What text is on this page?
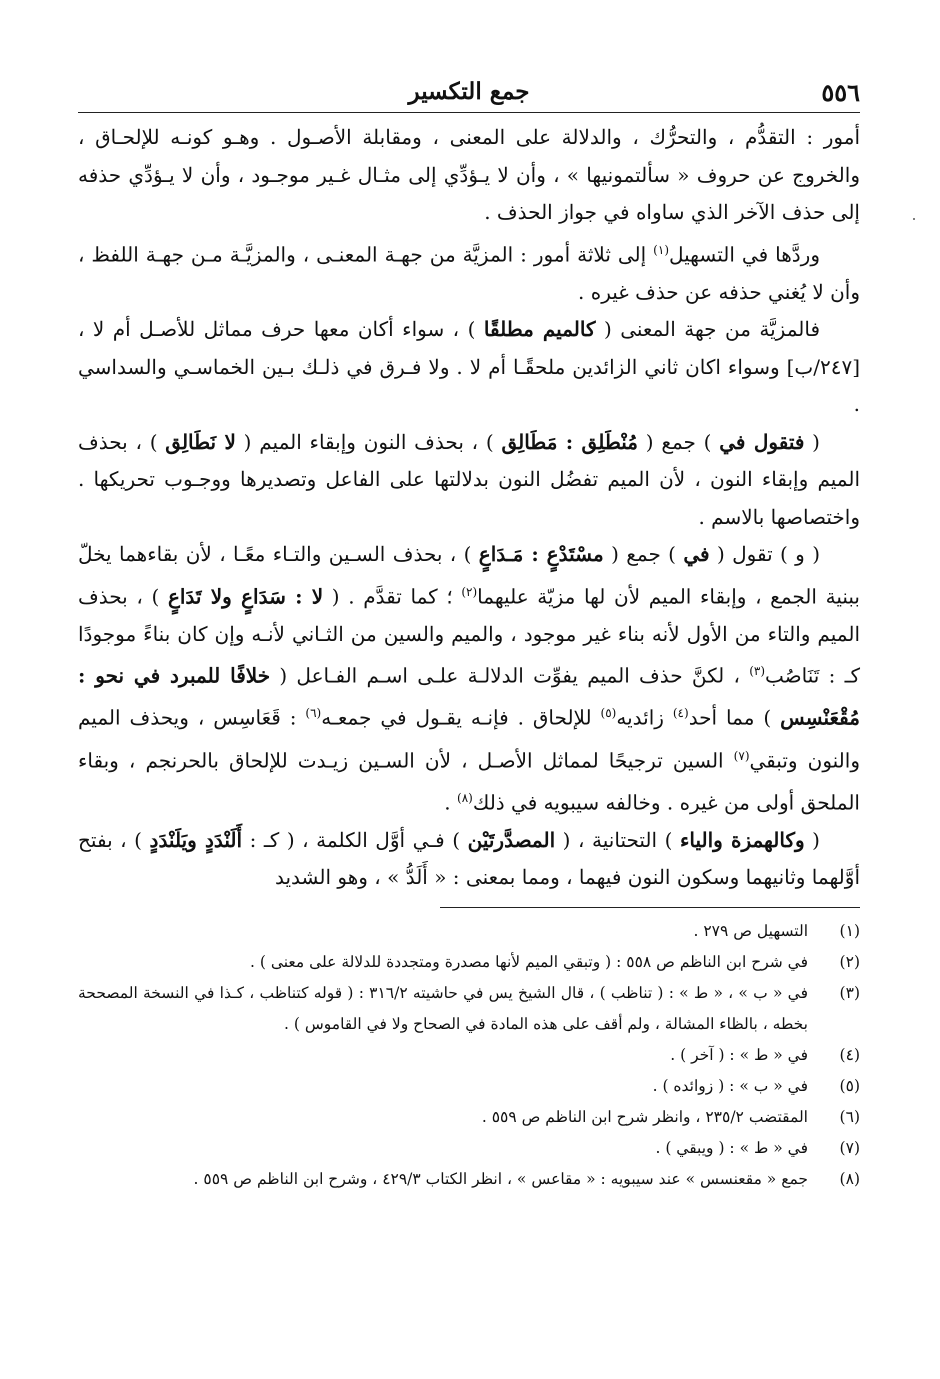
٥٥٦
جمع التكسير

أمور : التقدُّم ، والتحرُّك ، والدلالة على المعنى ، ومقابلة الأصـول . وهـو كونـه للإلحـاق ، والخروج عن حروف « سألتمونيها » ، وأن لا يـؤدِّي إلى مثـال غـير موجـود ، وأن لا يـؤدِّي حذفه إلى حذف الآخر الذي ساواه في جواز الحذف .

وردَّها في التسهيل$^{(١)}$ إلى ثلاثة أمور : المزيَّة من جهـة المعنـى ، والمزيَّـة مـن جهـة اللفظ ، وأن لا يُغني حذفه عن حذف غيره .

فالمزيَّة من جهة المعنى ( كالميم مطلقًا ) ، سواء أكان معها حرف مماثل للأصـل أم لا ، [٢٤٧/ب] وسواء اكان ثاني الزائدين ملحقًـا أم لا . ولا فـرق في ذلـك بـين الخماسـي والسداسي .

( فتقول في ) جمع ( مُنْطَلِق : مَطَالِق ) ، بحذف النون وإبقاء الميم ( لا نَطَالِق ) ، بحذف الميم وإبقاء النون ، لأن الميم تفضُل النون بدلالتها على الفاعل وتصديرها ووجـوب تحريكها . واختصاصها بالاسم .

( و ) تقول ( في ) جمع ( مسْتَدْعٍ : مَـدَاعٍ ) ، بحذف السـين والتـاء معًـا ، لأن بقاءهما يخلّ ببنية الجمع ، وإبقاء الميم لأن لها مزيّة عليهما$^{(٢)}$ ؛ كما تقدَّم . ( لا : سَدَاعٍ ولا تَدَاعٍ ) ، بحذف الميم والتاء من الأول لأنه بناء غير موجود ، والميم والسين من الثـاني لأنـه وإن كان بناءً موجودًا كـ : تَنَاصُب$^{(٣)}$ ، لكنَّ حذف الميم يفوِّت الدلالـة علـى اسـم الفـاعل ( خلافًا للمبرد في نحو : مُقْعَنْسِس ) مما أحد$^{(٤)}$ زائديه$^{(٥)}$ للإلحاق . فإنـه يقـول في جمعـه$^{(٦)}$ : قَعَاسِس ، ويحذف الميم والنون وتبقي$^{(٧)}$ السين ترجيحًا لمماثل الأصـل ، لأن السـين زيـدت للإلحاق بالحرنجم ، وبقاء الملحق أولى من غيره . وخالفه سيبويه في ذلك$^{(٨)}$ .

( وكالهمزة والياء ) التحتانية ، ( المصدَّرتَيْن ) فـي أوَّل الكلمة ، ( كـ : أَلَنْدَدٍ ويَلَنْدَدٍ ) ، بفتح أوَّلهما وثانيهما وسكون النون فيهما ، ومما بمعنى : « أَلَدُّ » ، وهو الشديد

(١)
التسهيل ص ٢٧٩ .
(٢)
في شرح ابن الناظم ص ٥٥٨ : ( وتبقي الميم لأنها مصدرة ومتجددة للدلالة على معنى ) .
(٣)
في « ب » ، « ط » : ( تناظب ) ، قال الشيخ يس في حاشيته ٣١٦/٢ : ( قوله كتناظب ، كـذا في النسخة المصححة بخطه ، بالظاء المشالة ، ولم أقف على هذه المادة في الصحاح ولا في القاموس ) .
(٤)
في « ط » : ( آخر ) .
(٥)
في « ب » : ( زوائده ) .
(٦)
المقتضب ٢٣٥/٢ ، وانظر شرح ابن الناظم ص ٥٥٩ .
(٧)
في « ط » : ( ويبقي ) .
(٨)
جمع « مقعنسس » عند سيبويه : « مقاعس » ، انظر الكتاب ٤٢٩/٣ ، وشرح ابن الناظم ص ٥٥٩ .
